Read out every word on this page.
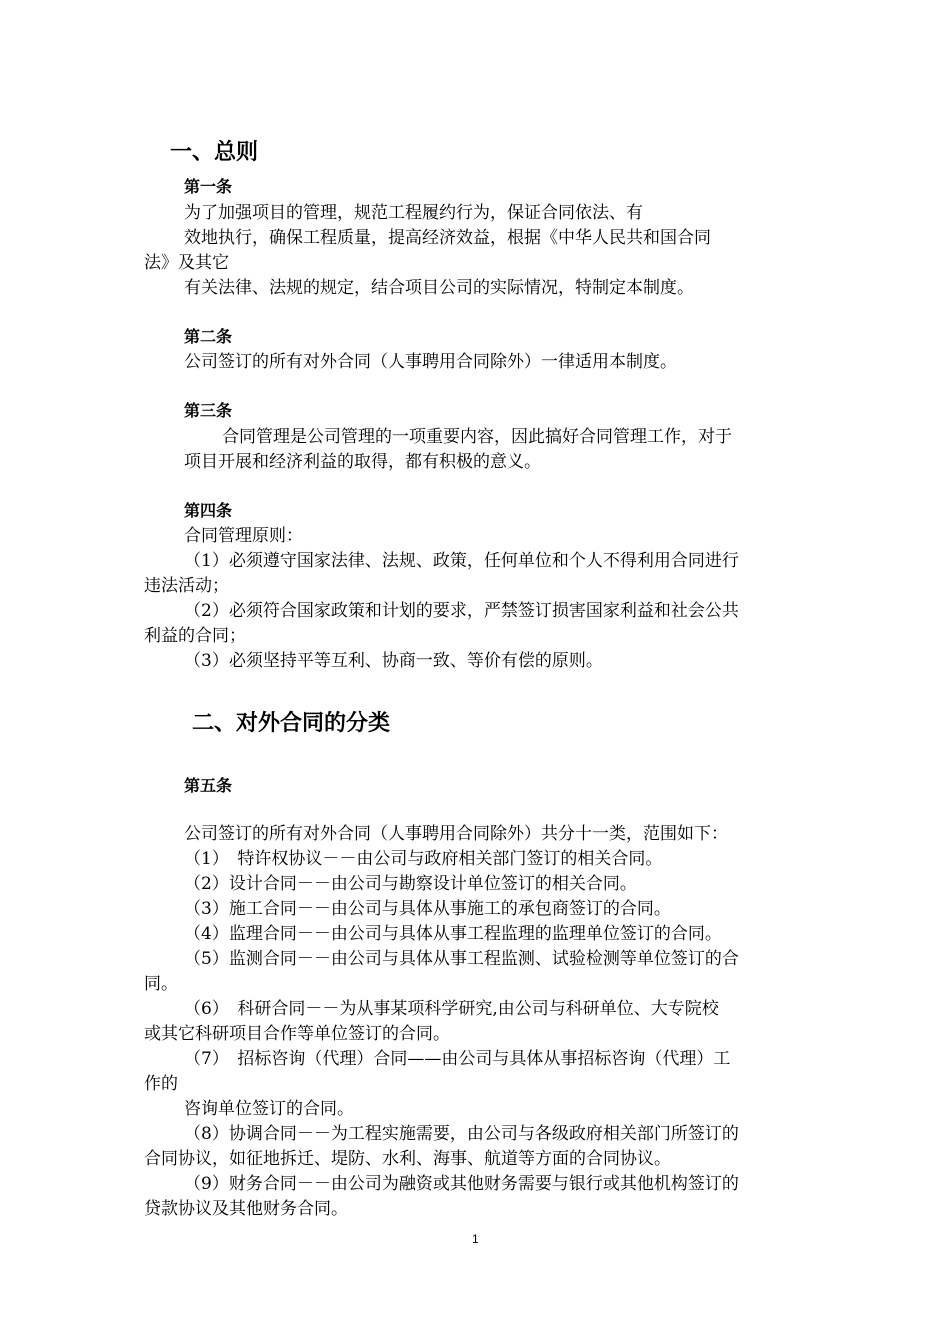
一、总则
第一条
为了加强项目的管理，规范工程履约行为，保证合同依法、有
效地执行，确保工程质量，提高经济效益，根据《中华人民共和国合同
法》及其它
有关法律、法规的规定，结合项目公司的实际情况，特制定本制度。
第二条
公司签订的所有对外合同（人事聘用合同除外）一律适用本制度。
第三条
合同管理是公司管理的一项重要内容，因此搞好合同管理工作，对于
项目开展和经济利益的取得，都有积极的意义。
第四条
合同管理原则：
（1）必须遵守国家法律、法规、政策，任何单位和个人不得利用合同进行
违法活动；
（2）必须符合国家政策和计划的要求，严禁签订损害国家利益和社会公共
利益的合同；
（3）必须坚持平等互利、协商一致、等价有偿的原则。
二、对外合同的分类
第五条
公司签订的所有对外合同（人事聘用合同除外）共分十一类，范围如下：
（1）　特许权协议－－由公司与政府相关部门签订的相关合同。
（2）设计合同－－由公司与勘察设计单位签订的相关合同。
（3）施工合同－－由公司与具体从事施工的承包商签订的合同。
（4）监理合同－－由公司与具体从事工程监理的监理单位签订的合同。
（5）监测合同－－由公司与具体从事工程监测、试验检测等单位签订的合
同。
（6）　科研合同－－为从事某项科学研究,由公司与科研单位、大专院校
或其它科研项目合作等单位签订的合同。
（7）　招标咨询（代理）合同——由公司与具体从事招标咨询（代理）工
作的
咨询单位签订的合同。
（8）协调合同－－为工程实施需要，由公司与各级政府相关部门所签订的
合同协议，如征地拆迁、堤防、水利、海事、航道等方面的合同协议。
（9）财务合同－－由公司为融资或其他财务需要与银行或其他机构签订的
贷款协议及其他财务合同。
1
